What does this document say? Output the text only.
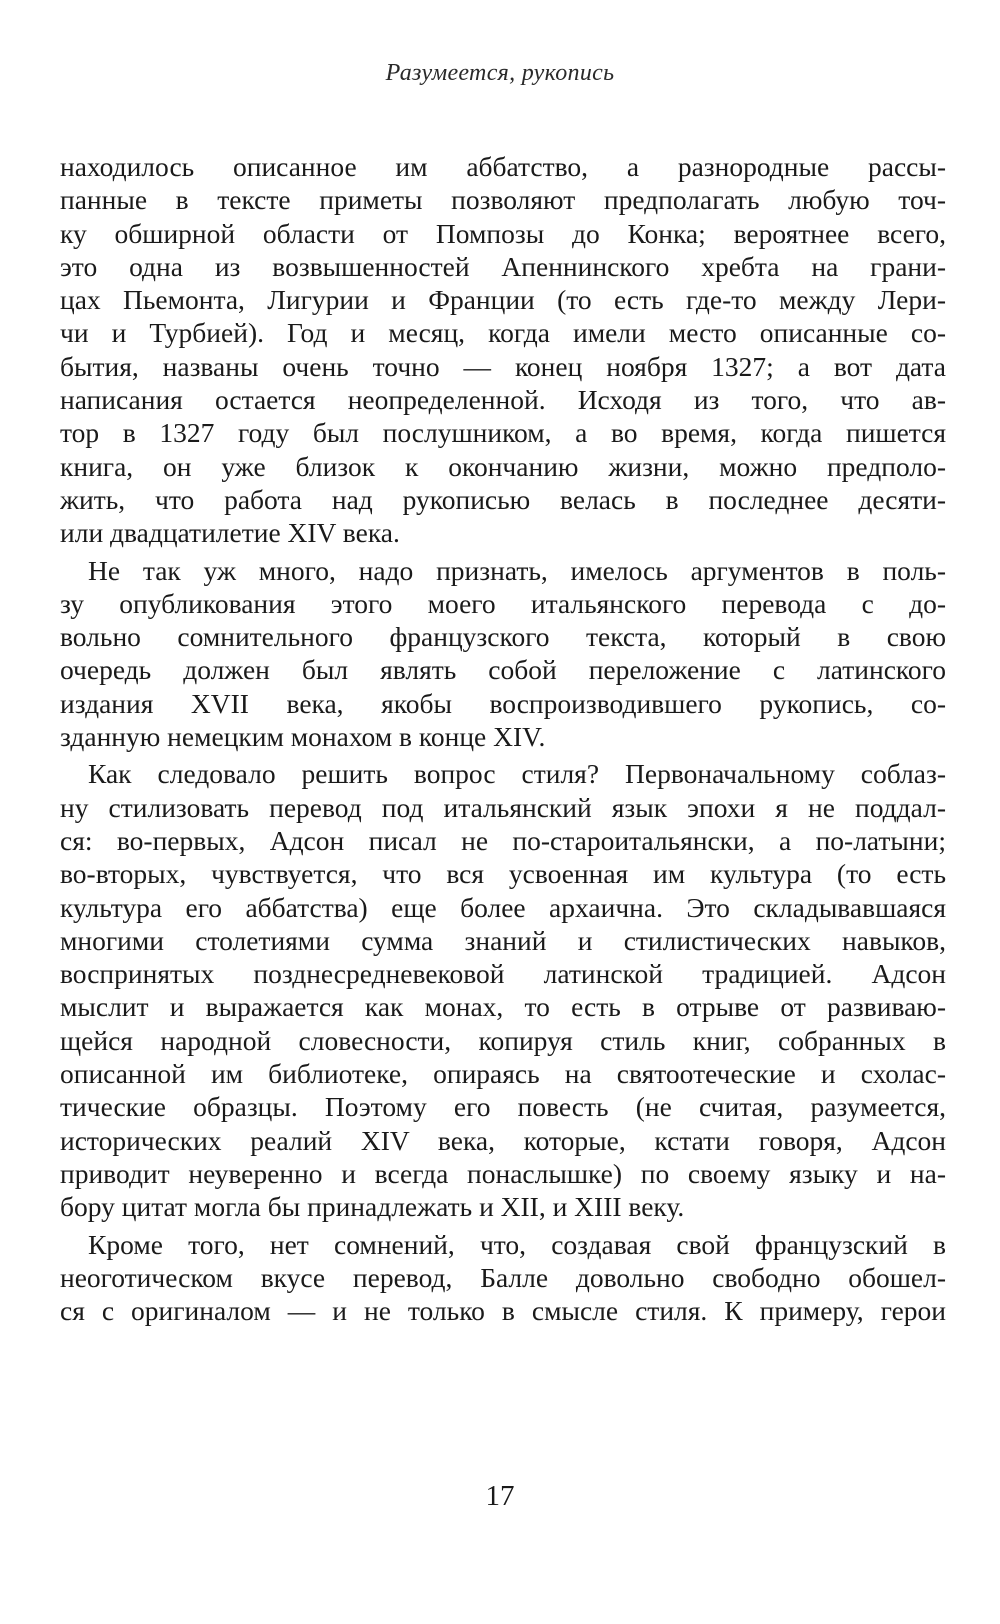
Разумеется, рукопись
находилось описанное им аббатство, а разнородные рассы-
панные в тексте приметы позволяют предполагать любую точ-
ку обширной области от Помпозы до Конка; вероятнее всего,
это одна из возвышенностей Апеннинского хребта на грани-
цах Пьемонта, Лигурии и Франции (то есть где-то между Лери-
чи и Турбией). Год и месяц, когда имели место описанные со-
бытия, названы очень точно — конец ноября 1327; а вот дата
написания остается неопределенной. Исходя из того, что ав-
тор в 1327 году был послушником, а во время, когда пишется
книга, он уже близок к окончанию жизни, можно предполо-
жить, что работа над рукописью велась в последнее десяти-
или двадцатилетие XIV века.
Не так уж много, надо признать, имелось аргументов в поль-
зу опубликования этого моего итальянского перевода с до-
вольно сомнительного французского текста, который в свою
очередь должен был являть собой переложение с латинского
издания XVII века, якобы воспроизводившего рукопись, со-
зданную немецким монахом в конце XIV.
Как следовало решить вопрос стиля? Первоначальному соблаз-
ну стилизовать перевод под итальянский язык эпохи я не поддал-
ся: во-первых, Адсон писал не по-староитальянски, а по-латыни;
во-вторых, чувствуется, что вся усвоенная им культура (то есть
культура его аббатства) еще более архаична. Это складывавшаяся
многими столетиями сумма знаний и стилистических навыков,
воспринятых позднесредневековой латинской традицией. Адсон
мыслит и выражается как монах, то есть в отрыве от развиваю-
щейся народной словесности, копируя стиль книг, собранных в
описанной им библиотеке, опираясь на святоотеческие и схолас-
тические образцы. Поэтому его повесть (не считая, разумеется,
исторических реалий XIV века, которые, кстати говоря, Адсон
приводит неуверенно и всегда понаслышке) по своему языку и на-
бору цитат могла бы принадлежать и XII, и XIII веку.
Кроме того, нет сомнений, что, создавая свой французский в
неоготическом вкусе перевод, Балле довольно свободно обошел-
ся с оригиналом — и не только в смысле стиля. К примеру, герои
17
